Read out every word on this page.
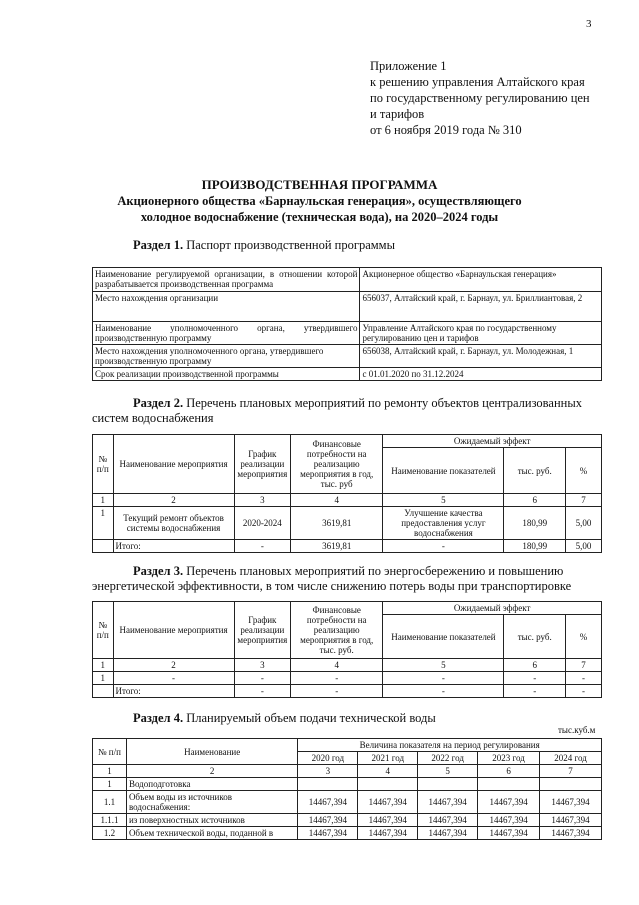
3
Приложение 1
к решению управления Алтайского края
по государственному регулированию цен
и тарифов
от 6 ноября 2019 года № 310
ПРОИЗВОДСТВЕННАЯ ПРОГРАММА
Акционерного общества «Барнаульская генерация», осуществляющего
холодное водоснабжение (техническая вода), на 2020–2024 годы
Раздел 1. Паспорт производственной программы
Наименование регулируемой организации, в отношении которой разрабатывается производственная программа	Акционерное общество «Барнаульская генерация»
Место нахождения организации	656037, Алтайский край, г. Барнаул, ул. Бриллиантовая, 2
Наименование уполномоченного органа, утвердившего производственную программу	Управление Алтайского края по государственному регулированию цен и тарифов
Место нахождения уполномоченного органа, утвердившего производственную программу	656038, Алтайский край, г. Барнаул, ул. Молодежная, 1
Срок реализации производственной программы	с 01.01.2020 по 31.12.2024
Раздел 2. Перечень плановых мероприятий по ремонту объектов централизованных
систем водоснабжения
№ п/п	Наименование мероприятия	График реализации мероприятия	Финансовые потребности на реализацию мероприятия в год, тыс. руб	Ожидаемый эффект		
				Наименование показателей	тыс. руб.	%
1	2	3	4	5	6	7
1	Текущий ремонт объектов системы водоснабжения	2020-2024	3619,81	Улучшение качества предоставления услуг водоснабжения	180,99	5,00
	Итого:	-	3619,81	-	180,99	5,00
Раздел 3. Перечень плановых мероприятий по энергосбережению и повышению
энергетической эффективности, в том числе снижению потерь воды при транспортировке
№ п/п	Наименование мероприятия	График реализации мероприятия	Финансовые потребности на реализацию мероприятия в год, тыс. руб.	Ожидаемый эффект		
				Наименование показателей	тыс. руб.	%
1	2	3	4	5	6	7
1	-	-	-	-	-	-
	Итого:	-	-	-	-	-
Раздел 4. Планируемый объем подачи технической воды
тыс.куб.м
№ п/п	Наименование	Величина показателя на период регулирования				
		2020 год	2021 год	2022 год	2023 год	2024 год
1	2	3	4	5	6	7
1	Водоподготовка					
1.1	Объем воды из источников водоснабжения:	14467,394	14467,394	14467,394	14467,394	14467,394
1.1.1	из поверхностных источников	14467,394	14467,394	14467,394	14467,394	14467,394
1.2	Объем технической воды, поданной в	14467,394	14467,394	14467,394	14467,394	14467,394
